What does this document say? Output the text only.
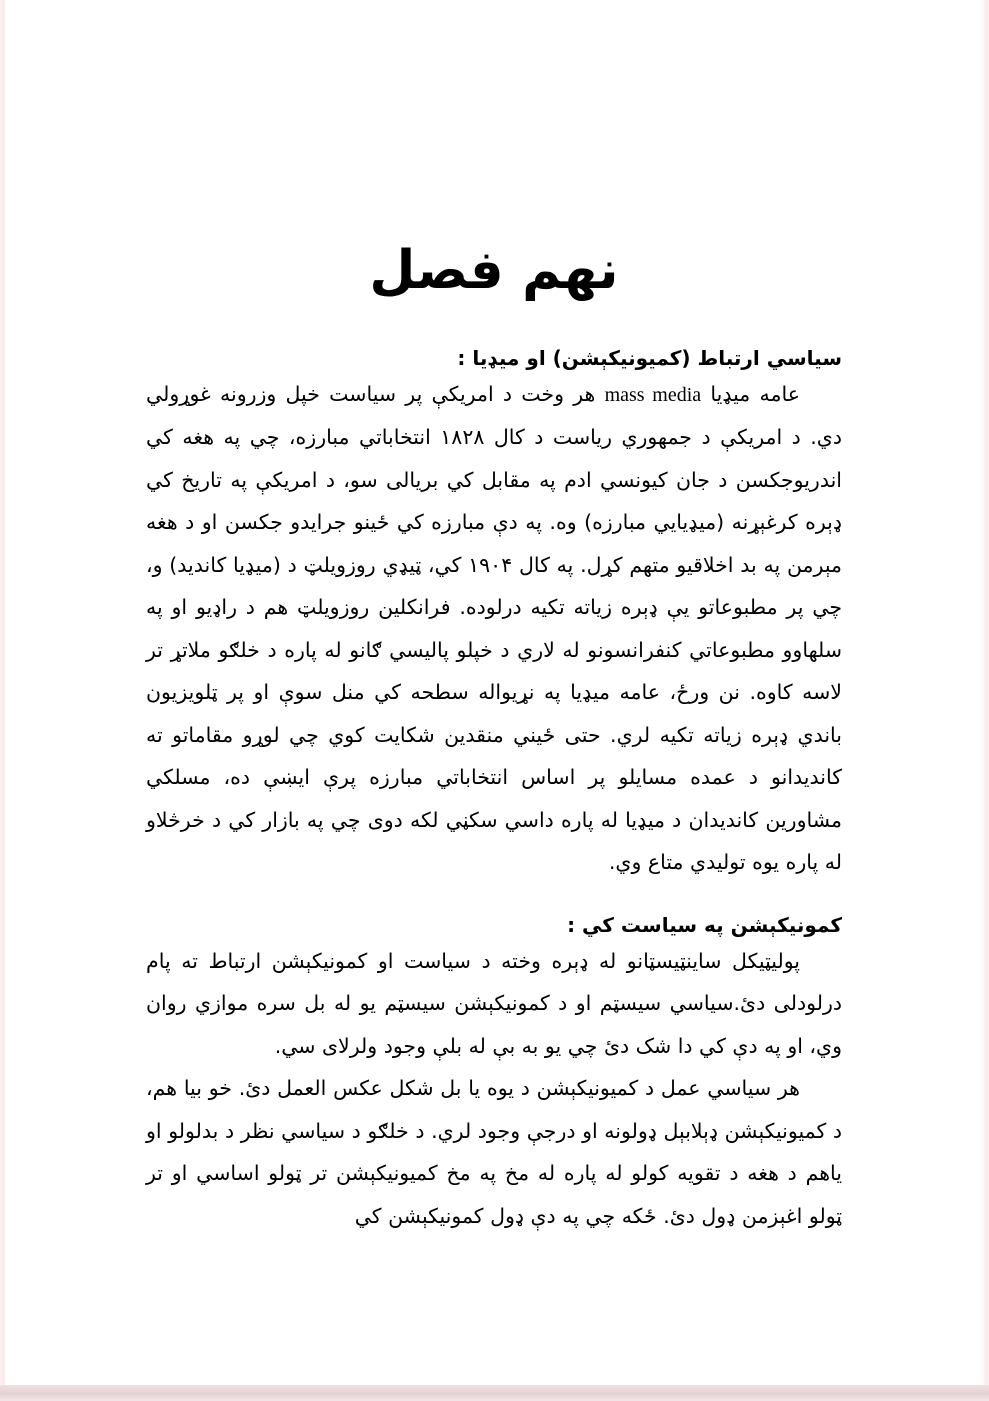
نهم فصل
سياسي ارتباط (کميونيکېشن) او ميډيا :

عامه ميډيا mass media هر وخت د امريکې پر سياست خپل وزرونه غوړولي دي. د امريکې د جمهوري رياست د کال ۱۸۲۸ انتخاباتي مبارزه، چي په هغه کي اندريوجکسن د جان کيونسي ادم په مقابل کي بريالی سو، د امريکې په تاريخ کي ډېره کرغېړنه (ميډيايي مبارزه) وه. په دې مبارزه کي ځينو جرايدو جکسن او د هغه مېرمن په بد اخلاقيو متهم کړل. په کال ۱۹۰۴ کي، ټيډي روزويلټ د (ميډيا کانديد) و، چي پر مطبوعاتو يې ډېره زياته تکيه درلوده. فرانکلين روزويلټ هم د راډيو او په سلهاوو مطبوعاتي کنفرانسونو له لاري د خپلو پاليسي ګانو له پاره د خلګو ملاتړ تر لاسه کاوه. نن ورځ، عامه ميډيا په نړيواله سطحه کي منل سوې او پر ټلويزيون باندي ډېره زياته تکيه لري. حتی ځيني منقدين شکايت کوي چي لوړو مقاماتو ته کانديدانو د عمده مسايلو پر اساس انتخاباتي مبارزه پرې ايښې ده، مسلکي مشاورين کانديدان د ميډيا له پاره داسي سکڼي لکه دوی چي په بازار کي د خرڅلاو له پاره يوه توليدي متاع وي.

کمونيکېشن په سياست کي :

پوليټيکل ساينټيسټانو له ډېره وخته د سياست او کمونيکېشن ارتباط ته پام درلودلی دئ.سياسي سيسټم او د کمونيکېشن سيسټم يو له بل سره موازي روان وي، او په دې کي دا شک دئ چي يو به بې له بلې وجود ولرلای سي.

هر سياسي عمل د کميونيکېشن د يوه يا بل شکل عکس العمل دئ. خو بيا هم، د کميونيکېشن ډېلابېل ډولونه او درجې وجود لري. د خلګو د سياسي نظر د بدلولو او ياهم د هغه د تقويه کولو له پاره له مخ په مخ کميونيکېشن تر ټولو اساسي او تر ټولو اغېزمن ډول دئ. ځکه چي په دې ډول کمونيکېشن کي
